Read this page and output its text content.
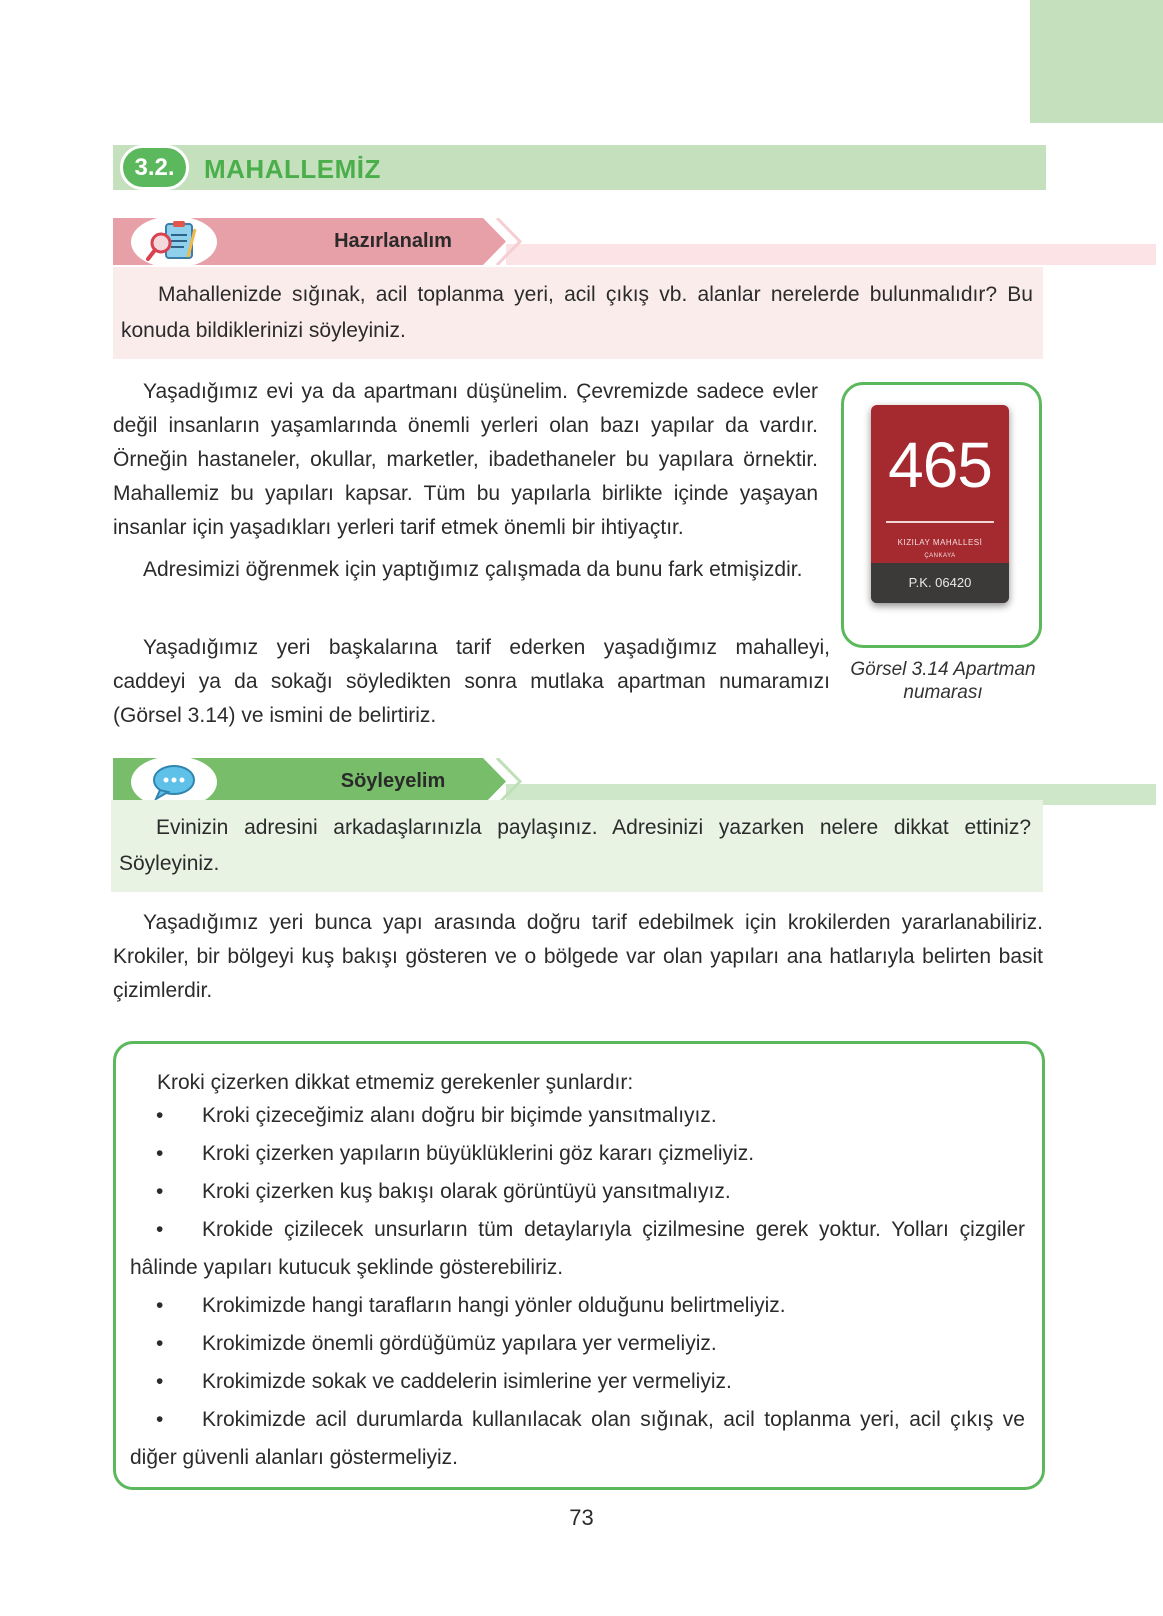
3.2.	MAHALLEMİZ
Hazırlanalım
Mahallenizde sığınak, acil toplanma yeri, acil çıkış vb. alanlar nerelerde bulunmalıdır? Bu konuda bildiklerinizi söyleyiniz.
Yaşadığımız evi ya da apartmanı düşünelim. Çevremizde sadece evler değil insanların yaşamlarında önemli yerleri olan bazı yapılar da vardır. Örneğin hastaneler, okullar, marketler, ibadethaneler bu yapılara örnektir. Mahallemiz bu yapıları kapsar. Tüm bu yapılarla birlikte içinde yaşayan insanlar için yaşadıkları yerleri tarif etmek önemli bir ihtiyaçtır.
Adresimizi öğrenmek için yaptığımız çalışmada da bunu fark etmişizdir.
Yaşadığımız yeri başkalarına tarif ederken yaşadığımız mahalleyi, caddeyi ya da sokağı söyledikten sonra mutlaka apartman numaramızı (Görsel 3.14) ve ismini de belirtiriz.
465
KIZILAY MAHALLESİ
ÇANKAYA
P.K. 06420
Görsel 3.14 Apartman
numarası
Söyleyelim
Evinizin adresini arkadaşlarınızla paylaşınız. Adresinizi yazarken nelere dikkat ettiniz? Söyleyiniz.
Yaşadığımız yeri bunca yapı arasında doğru tarif edebilmek için krokilerden yararlanabiliriz. Krokiler, bir bölgeyi kuş bakışı gösteren ve o bölgede var olan yapıları ana hatlarıyla belirten basit çizimlerdir.
Kroki çizerken dikkat etmemiz gerekenler şunlardır:
•	Kroki çizeceğimiz alanı doğru bir biçimde yansıtmalıyız.
•	Kroki çizerken yapıların büyüklüklerini göz kararı çizmeliyiz.
•	Kroki çizerken kuş bakışı olarak görüntüyü yansıtmalıyız.
•	Krokide çizilecek unsurların tüm detaylarıyla çizilmesine gerek yoktur. Yolları çizgiler hâlinde yapıları kutucuk şeklinde gösterebiliriz.
•	Krokimizde hangi tarafların hangi yönler olduğunu belirtmeliyiz.
•	Krokimizde önemli gördüğümüz yapılara yer vermeliyiz.
•	Krokimizde sokak ve caddelerin isimlerine yer vermeliyiz.
•	Krokimizde acil durumlarda kullanılacak olan sığınak, acil toplanma yeri, acil çıkış ve diğer güvenli alanları göstermeliyiz.
73
